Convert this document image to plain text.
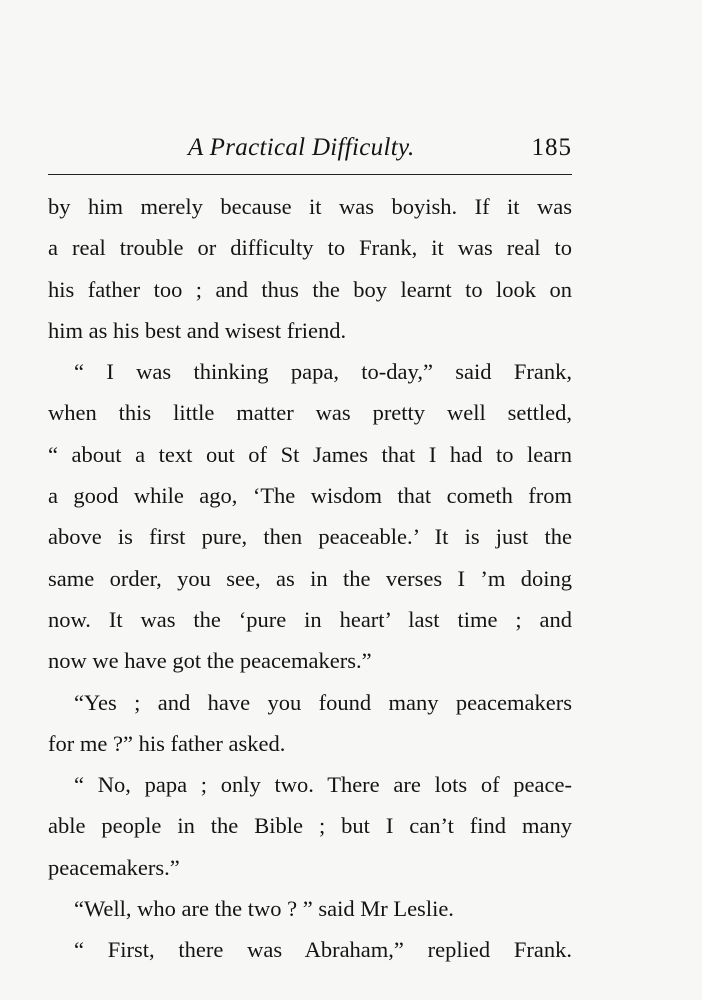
A Practical Difficulty.	185
by him merely because it was boyish. If it was
a real trouble or difficulty to Frank, it was real to
his father too ; and thus the boy learnt to look on
him as his best and wisest friend.
“ I was thinking papa, to-day,” said Frank,
when this little matter was pretty well settled,
“ about a text out of St James that I had to learn
a good while ago, ‘The wisdom that cometh from
above is first pure, then peaceable.’ It is just the
same order, you see, as in the verses I ’m doing
now. It was the ‘pure in heart’ last time ; and
now we have got the peacemakers.”
“Yes ; and have you found many peacemakers
for me ?” his father asked.
“ No, papa ; only two. There are lots of peace-
able people in the Bible ; but I can’t find many
peacemakers.”
“Well, who are the two ? ” said Mr Leslie.
“ First, there was Abraham,” replied Frank.
